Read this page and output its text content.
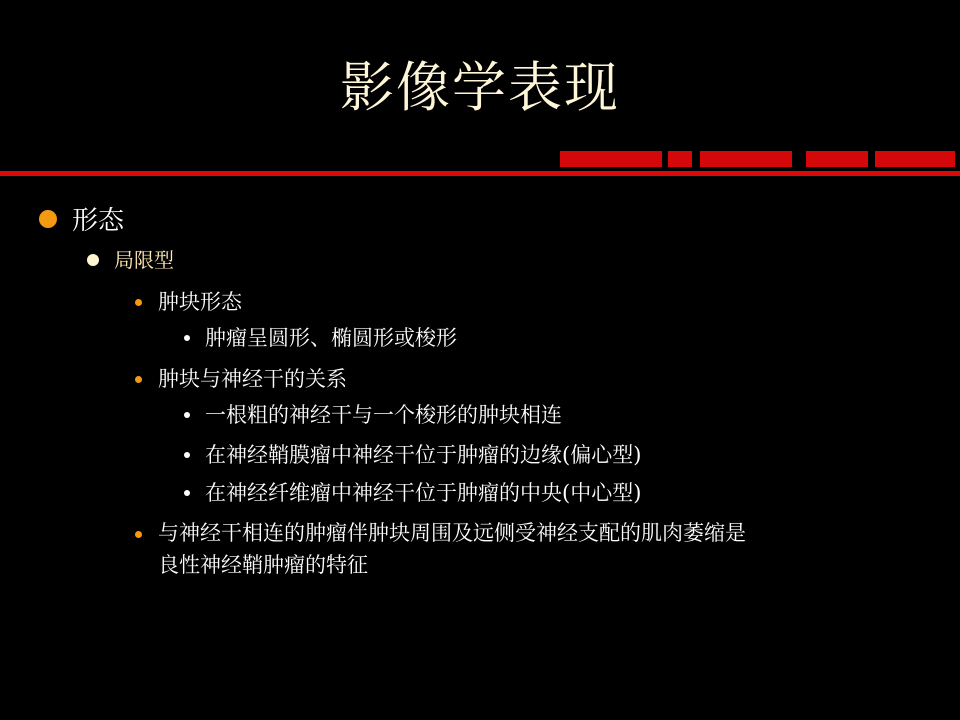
影像学表现
形态
局限型
肿块形态
肿瘤呈圆形、椭圆形或梭形
肿块与神经干的关系
一根粗的神经干与一个梭形的肿块相连
在神经鞘膜瘤中神经干位于肿瘤的边缘(偏心型)
在神经纤维瘤中神经干位于肿瘤的中央(中心型)
与神经干相连的肿瘤伴肿块周围及远侧受神经支配的肌肉萎缩是
良性神经鞘肿瘤的特征
